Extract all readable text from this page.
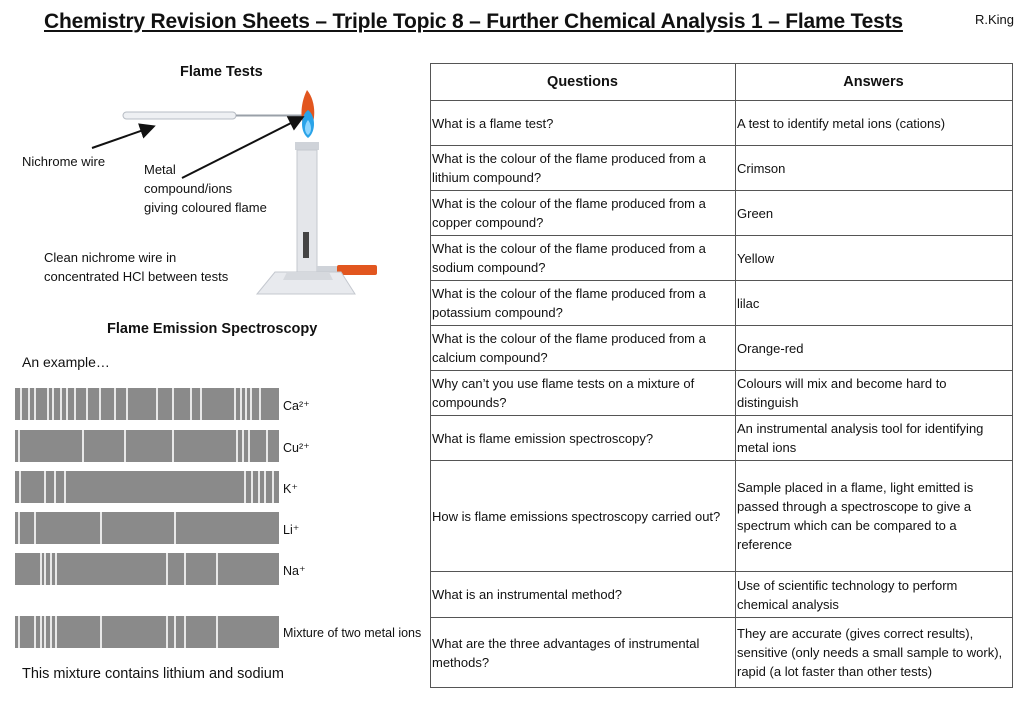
Chemistry Revision Sheets – Triple Topic 8 – Further Chemical Analysis 1 – Flame Tests	R.King
Flame Tests
Nichrome wire
Metal
compound/ions
giving coloured flame
Clean nichrome wire in
concentrated HCl between tests
Flame Emission Spectroscopy
An example…
Ca²⁺
Cu²⁺
K⁺
Li⁺
Na⁺
Mixture of two metal ions
This mixture contains lithium and sodium
Questions	Answers
What is a flame test?	A test to identify metal ions (cations)
What is the colour of the flame produced from a lithium compound?	Crimson
What is the colour of the flame produced from a copper compound?	Green
What is the colour of the flame produced from a sodium compound?	Yellow
What is the colour of the flame produced from a potassium compound?	lilac
What is the colour of the flame produced from a calcium compound?	Orange-red
Why can’t you use flame tests on a mixture of compounds?	Colours will mix and become hard to distinguish
What is flame emission spectroscopy?	An instrumental analysis tool for identifying metal ions
How is flame emissions spectroscopy carried out?	Sample placed in a flame, light emitted is passed through a spectroscope to give a spectrum which can be compared to a reference
What is an instrumental method?	Use of scientific technology to perform chemical analysis
What are the three advantages of instrumental methods?	They are accurate (gives correct results), sensitive (only needs a small sample to work), rapid (a lot faster than other tests)
